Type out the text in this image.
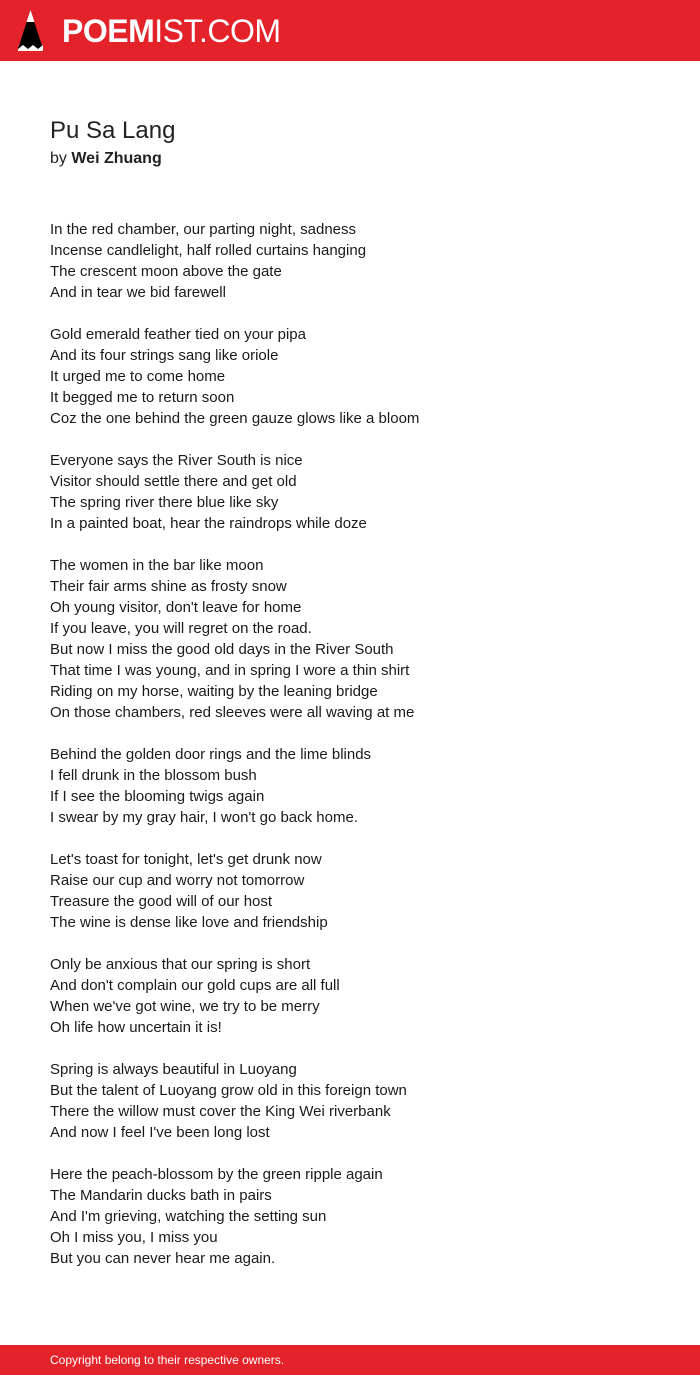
POEMIST.COM
Pu Sa Lang
by Wei Zhuang
In the red chamber, our parting night, sadness
Incense candlelight, half rolled curtains hanging
The crescent moon above the gate
And in tear we bid farewell
Gold emerald feather tied on your pipa
And its four strings sang like oriole
It urged me to come home
It begged me to return soon
Coz the one behind the green gauze glows like a bloom
Everyone says the River South is nice
Visitor should settle there and get old
The spring river there blue like sky
In a painted boat, hear the raindrops while doze
The women in the bar like moon
Their fair arms shine as frosty snow
Oh young visitor, don't leave for home
If you leave, you will regret on the road.
But now I miss the good old days in the River South
That time I was young, and in spring I wore a thin shirt
Riding on my horse, waiting by the leaning bridge
On those chambers, red sleeves were all waving at me
Behind the golden door rings and the lime blinds
I fell drunk in the blossom bush
If I see the blooming twigs again
I swear by my gray hair, I won't go back home.
Let's toast for tonight, let's get drunk now
Raise our cup and worry not tomorrow
Treasure the good will of our host
The wine is dense like love and friendship
Only be anxious that our spring is short
And don't complain our gold cups are all full
When we've got wine, we try to be merry
Oh life how uncertain it is!
Spring is always beautiful in Luoyang
But the talent of Luoyang grow old in this foreign town
There the willow must cover the King Wei riverbank
And now I feel I've been long lost
Here the peach-blossom by the green ripple again
The Mandarin ducks bath in pairs
And I'm grieving, watching the setting sun
Oh I miss you, I miss you
But you can never hear me again.
Copyright belong to their respective owners.
